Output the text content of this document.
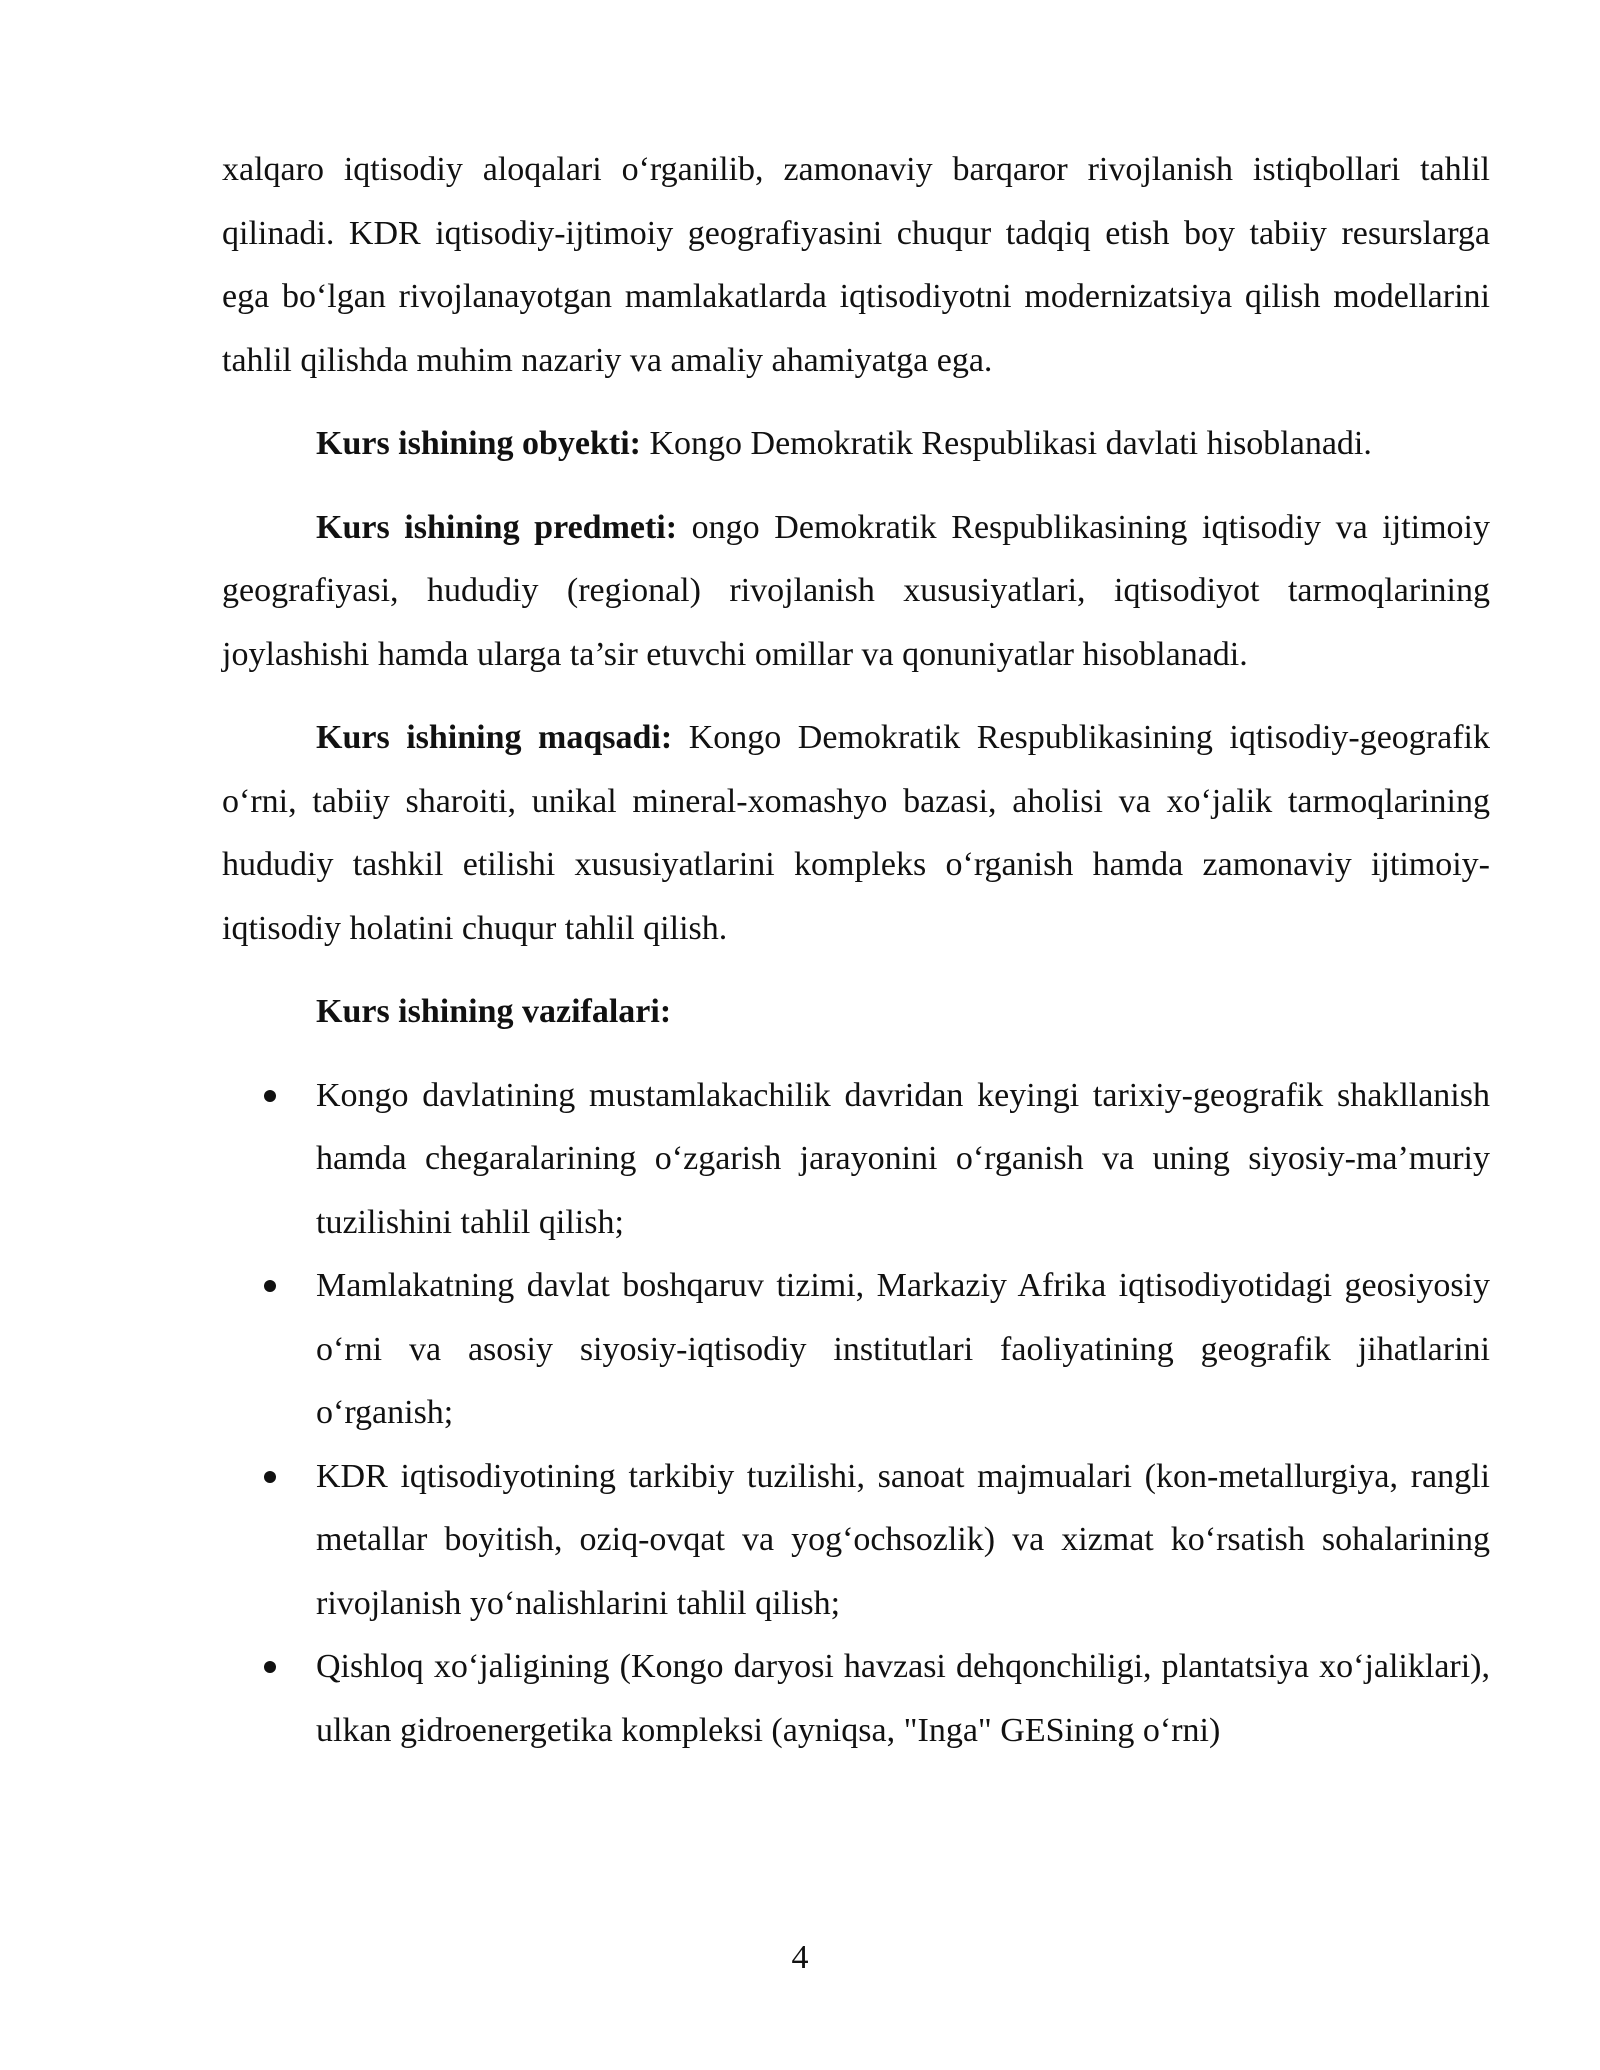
xalqaro iqtisodiy aloqalari o‘rganilib, zamonaviy barqaror rivojlanish istiqbollari tahlil qilinadi. KDR iqtisodiy-ijtimoiy geografiyasini chuqur tadqiq etish boy tabiiy resurslarga ega bo‘lgan rivojlanayotgan mamlakatlarda iqtisodiyotni modernizatsiya qilish modellarini tahlil qilishda muhim nazariy va amaliy ahamiyatga ega.

Kurs ishining obyekti: Kongo Demokratik Respublikasi davlati hisoblanadi.

Kurs ishining predmeti: ongo Demokratik Respublikasining iqtisodiy va ijtimoiy geografiyasi, hududiy (regional) rivojlanish xususiyatlari, iqtisodiyot tarmoqlarining joylashishi hamda ularga ta’sir etuvchi omillar va qonuniyatlar hisoblanadi.

Kurs ishining maqsadi: Kongo Demokratik Respublikasining iqtisodiy-geografik o‘rni, tabiiy sharoiti, unikal mineral-xomashyo bazasi, aholisi va xo‘jalik tarmoqlarining hududiy tashkil etilishi xususiyatlarini kompleks o‘rganish hamda zamonaviy ijtimoiy-iqtisodiy holatini chuqur tahlil qilish.

Kurs ishining vazifalari:

Kongo davlatining mustamlakachilik davridan keyingi tarixiy-geografik shakllanish hamda chegaralarining o‘zgarish jarayonini o‘rganish va uning siyosiy-ma’muriy tuzilishini tahlil qilish;
Mamlakatning davlat boshqaruv tizimi, Markaziy Afrika iqtisodiyotidagi geosiyosiy o‘rni va asosiy siyosiy-iqtisodiy institutlari faoliyatining geografik jihatlarini o‘rganish;
KDR iqtisodiyotining tarkibiy tuzilishi, sanoat majmualari (kon-metallurgiya, rangli metallar boyitish, oziq-ovqat va yog‘ochsozlik) va xizmat ko‘rsatish sohalarining rivojlanish yo‘nalishlarini tahlil qilish;
Qishloq xo‘jaligining (Kongo daryosi havzasi dehqonchiligi, plantatsiya xo‘jaliklari), ulkan gidroenergetika kompleksi (ayniqsa, "Inga" GESining o‘rni)
4
